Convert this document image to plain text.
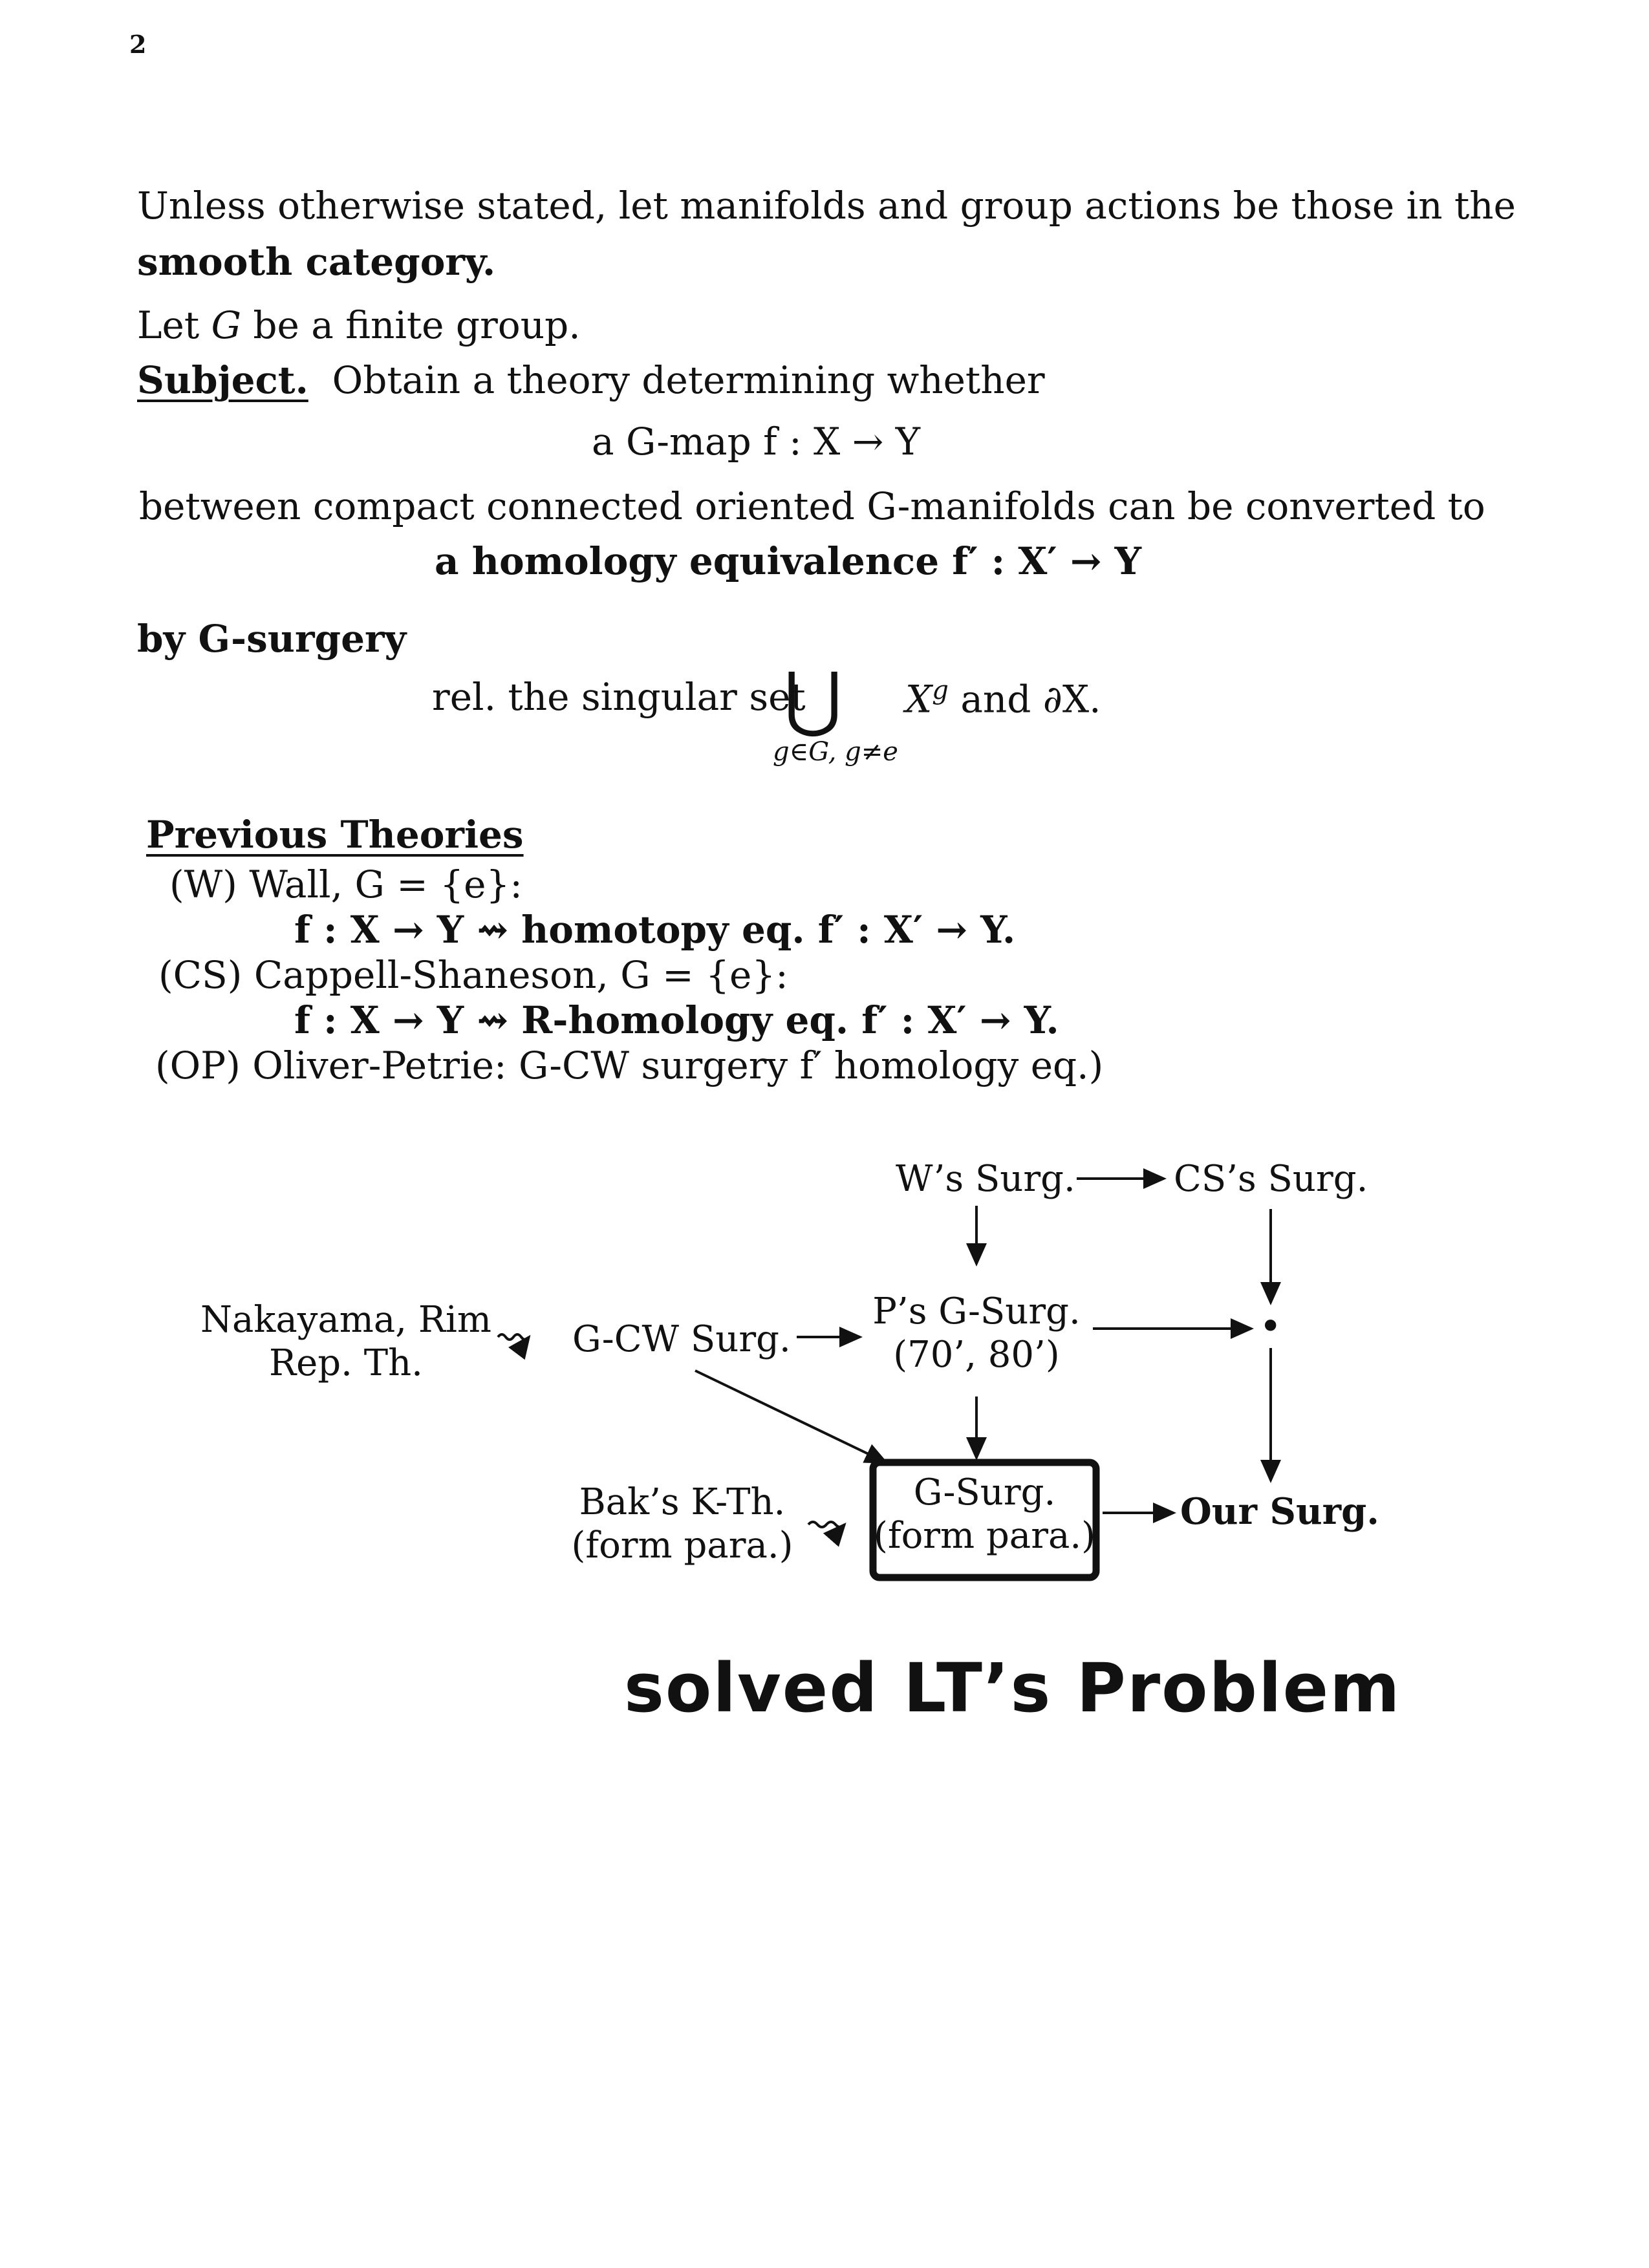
2
Unless otherwise stated, let manifolds and group actions be those in the
smooth category.
Let G be a finite group.
Subject. Obtain a theory determining whether
a G-map f : X → Y
between compact connected oriented G-manifolds can be converted to
a homology equivalence f′ : X′ → Y
by G-surgery
rel. the singular set
⋃
g∈G, g≠e
$X^g$ and ∂X.
Previous Theories
(W) Wall, G = {e}:
f : X → Y ⇝ homotopy eq. f′ : X′ → Y.
(CS) Cappell-Shaneson, G = {e}:
f : X → Y ⇝ R-homology eq. f′ : X′ → Y.
(OP) Oliver-Petrie: G-CW surgery f′ homology eq.)
W’s Surg.	CS’s Surg.
Nakayama, Rim
Rep. Th.
G-CW Surg.
P’s G-Surg.
(70’, 80’)
•
Bak’s K-Th.
(form para.)
G-Surg.
(form para.)
Our Surg.
solved LT’s Problem
